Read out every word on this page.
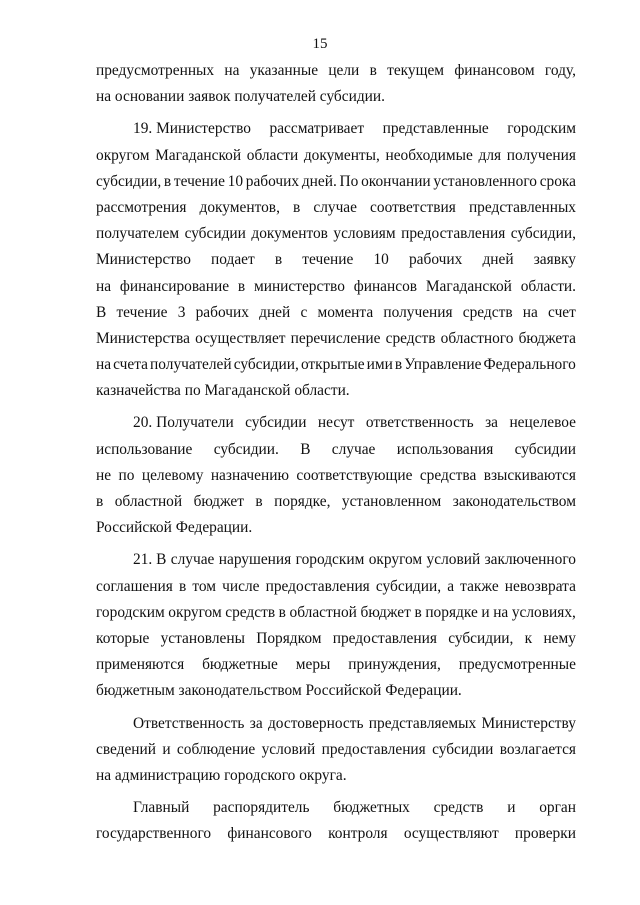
15
предусмотренных на указанные цели в текущем финансовом году,
на основании заявок получателей субсидии.
19. Министерство рассматривает представленные городским
округом Магаданской области документы, необходимые для получения
субсидии, в течение 10 рабочих дней. По окончании установленного срока
рассмотрения документов, в случае соответствия представленных
получателем субсидии документов условиям предоставления субсидии,
Министерство подает в течение 10 рабочих дней заявку
на финансирование в министерство финансов Магаданской области.
В течение 3 рабочих дней с момента получения средств на счет
Министерства осуществляет перечисление средств областного бюджета
на счета получателей субсидии, открытые ими в Управление Федерального
казначейства по Магаданской области.
20. Получатели субсидии несут ответственность за нецелевое
использование субсидии. В случае использования субсидии
не по целевому назначению соответствующие средства взыскиваются
в областной бюджет в порядке, установленном законодательством
Российской Федерации.
21. В случае нарушения городским округом условий заключенного
соглашения в том числе предоставления субсидии, а также невозврата
городским округом средств в областной бюджет в порядке и на условиях,
которые установлены Порядком предоставления субсидии, к нему
применяются бюджетные меры принуждения, предусмотренные
бюджетным законодательством Российской Федерации.
Ответственность за достоверность представляемых Министерству
сведений и соблюдение условий предоставления субсидии возлагается
на администрацию городского округа.
Главный распорядитель бюджетных средств и орган
государственного финансового контроля осуществляют проверки
